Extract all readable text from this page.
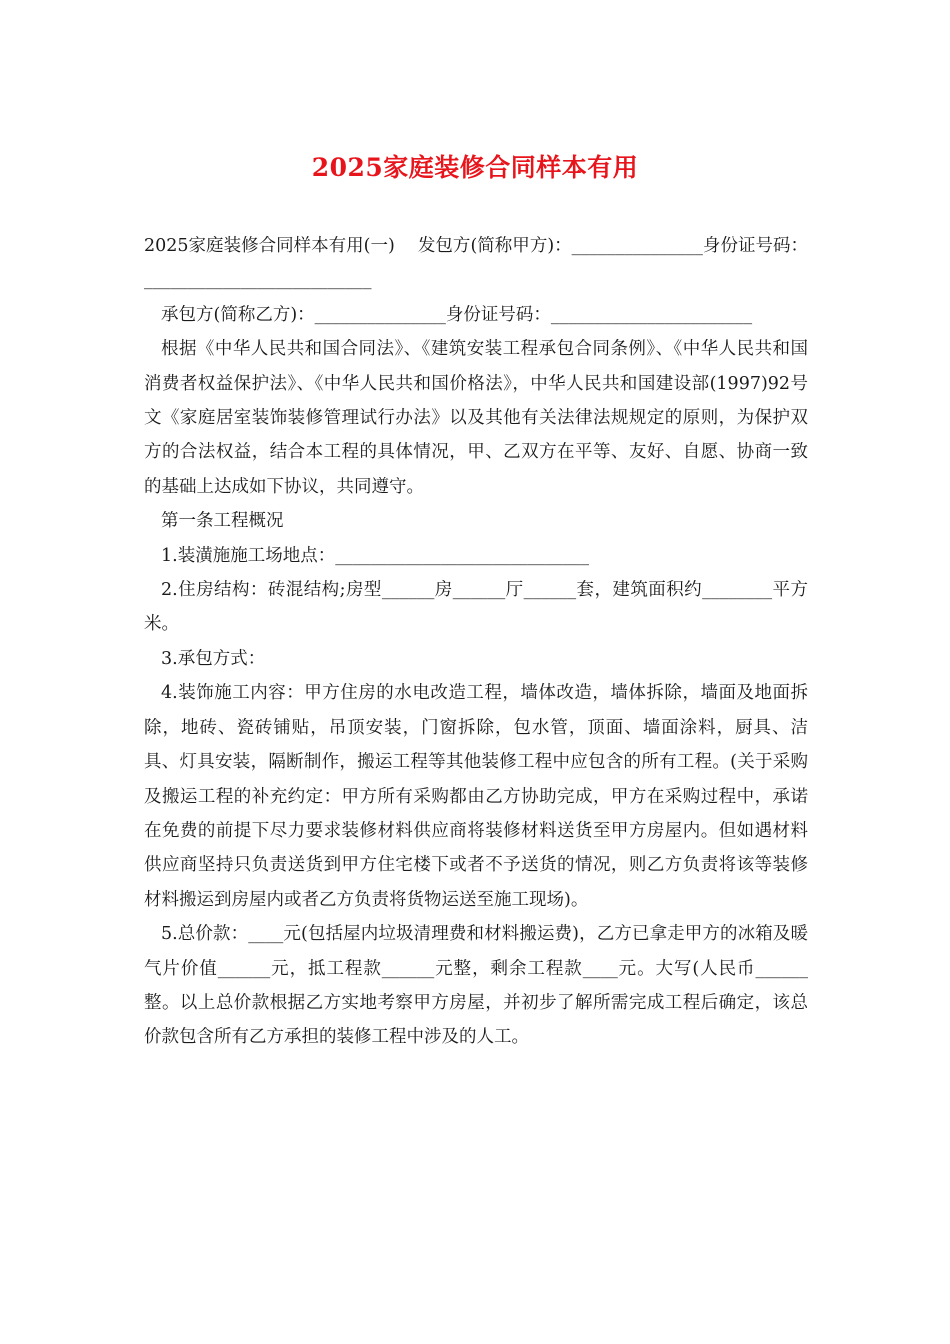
2025家庭装修合同样本有用

2025家庭装修合同样本有用(一)　 发包方(简称甲方)：_______________身份证号码：__________________________

承包方(简称乙方)：_______________身份证号码：_______________________

根据《中华人民共和国合同法》、《建筑安装工程承包合同条例》、《中华人民共和国消费者权益保护法》、《中华人民共和国价格法》，中华人民共和国建设部(1997)92号文《家庭居室装饰装修管理试行办法》以及其他有关法律法规规定的原则，为保护双方的合法权益，结合本工程的具体情况，甲、乙双方在平等、友好、自愿、协商一致的基础上达成如下协议，共同遵守。

第一条工程概况

1.装潢施施工场地点：_____________________________

2.住房结构：砖混结构;房型______房______厅______套，建筑面积约________平方米。

3.承包方式：

4.装饰施工内容：甲方住房的水电改造工程，墙体改造，墙体拆除，墙面及地面拆除，地砖、瓷砖铺贴，吊顶安装，门窗拆除，包水管，顶面、墙面涂料，厨具、洁具、灯具安装，隔断制作，搬运工程等其他装修工程中应包含的所有工程。(关于采购及搬运工程的补充约定：甲方所有采购都由乙方协助完成，甲方在采购过程中，承诺在免费的前提下尽力要求装修材料供应商将装修材料送货至甲方房屋内。但如遇材料供应商坚持只负责送货到甲方住宅楼下或者不予送货的情况，则乙方负责将该等装修材料搬运到房屋内或者乙方负责将货物运送至施工现场)。

5.总价款：____元(包括屋内垃圾清理费和材料搬运费)，乙方已拿走甲方的冰箱及暖气片价值______元，抵工程款______元整，剩余工程款____元。大写(人民币______整。以上总价款根据乙方实地考察甲方房屋，并初步了解所需完成工程后确定，该总价款包含所有乙方承担的装修工程中涉及的人工。
